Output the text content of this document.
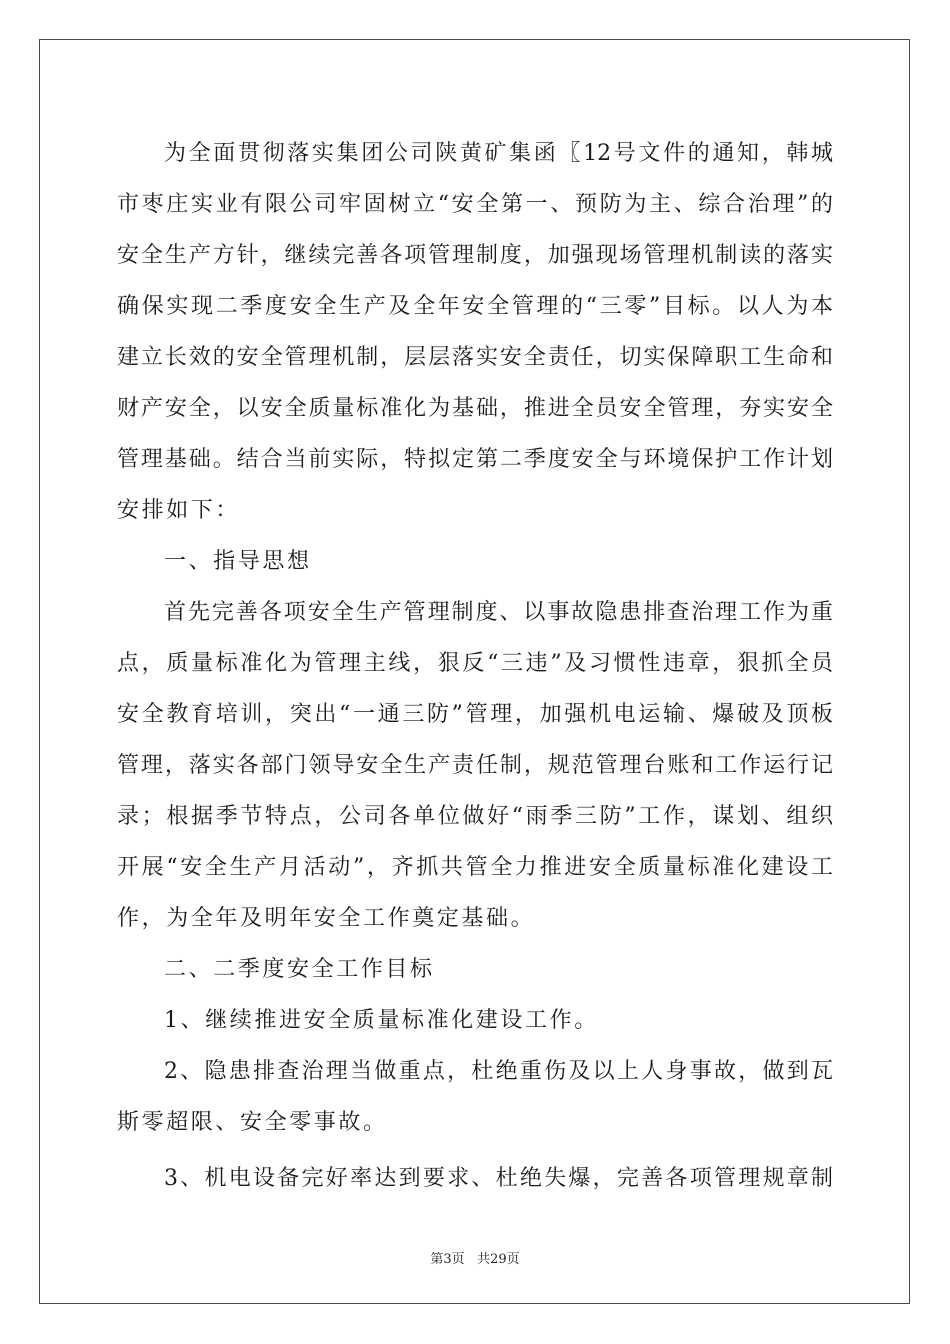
为全面贯彻落实集团公司陕黄矿集函〖12号文件的通知，韩城
市枣庄实业有限公司牢固树立“安全第一、预防为主、综合治理”的
安全生产方针，继续完善各项管理制度，加强现场管理机制读的落实
确保实现二季度安全生产及全年安全管理的“三零”目标。以人为本
建立长效的安全管理机制，层层落实安全责任，切实保障职工生命和
财产安全，以安全质量标准化为基础，推进全员安全管理，夯实安全
管理基础。结合当前实际，特拟定第二季度安全与环境保护工作计划
安排如下：
一、指导思想
首先完善各项安全生产管理制度、以事故隐患排查治理工作为重
点，质量标准化为管理主线，狠反“三违”及习惯性违章，狠抓全员
安全教育培训，突出“一通三防”管理，加强机电运输、爆破及顶板
管理，落实各部门领导安全生产责任制，规范管理台账和工作运行记
录；根据季节特点，公司各单位做好“雨季三防”工作，谋划、组织
开展“安全生产月活动”，齐抓共管全力推进安全质量标准化建设工
作，为全年及明年安全工作奠定基础。
二、二季度安全工作目标
1、继续推进安全质量标准化建设工作。
2、隐患排查治理当做重点，杜绝重伤及以上人身事故，做到瓦
斯零超限、安全零事故。
3、机电设备完好率达到要求、杜绝失爆，完善各项管理规章制
第3页 共29页
